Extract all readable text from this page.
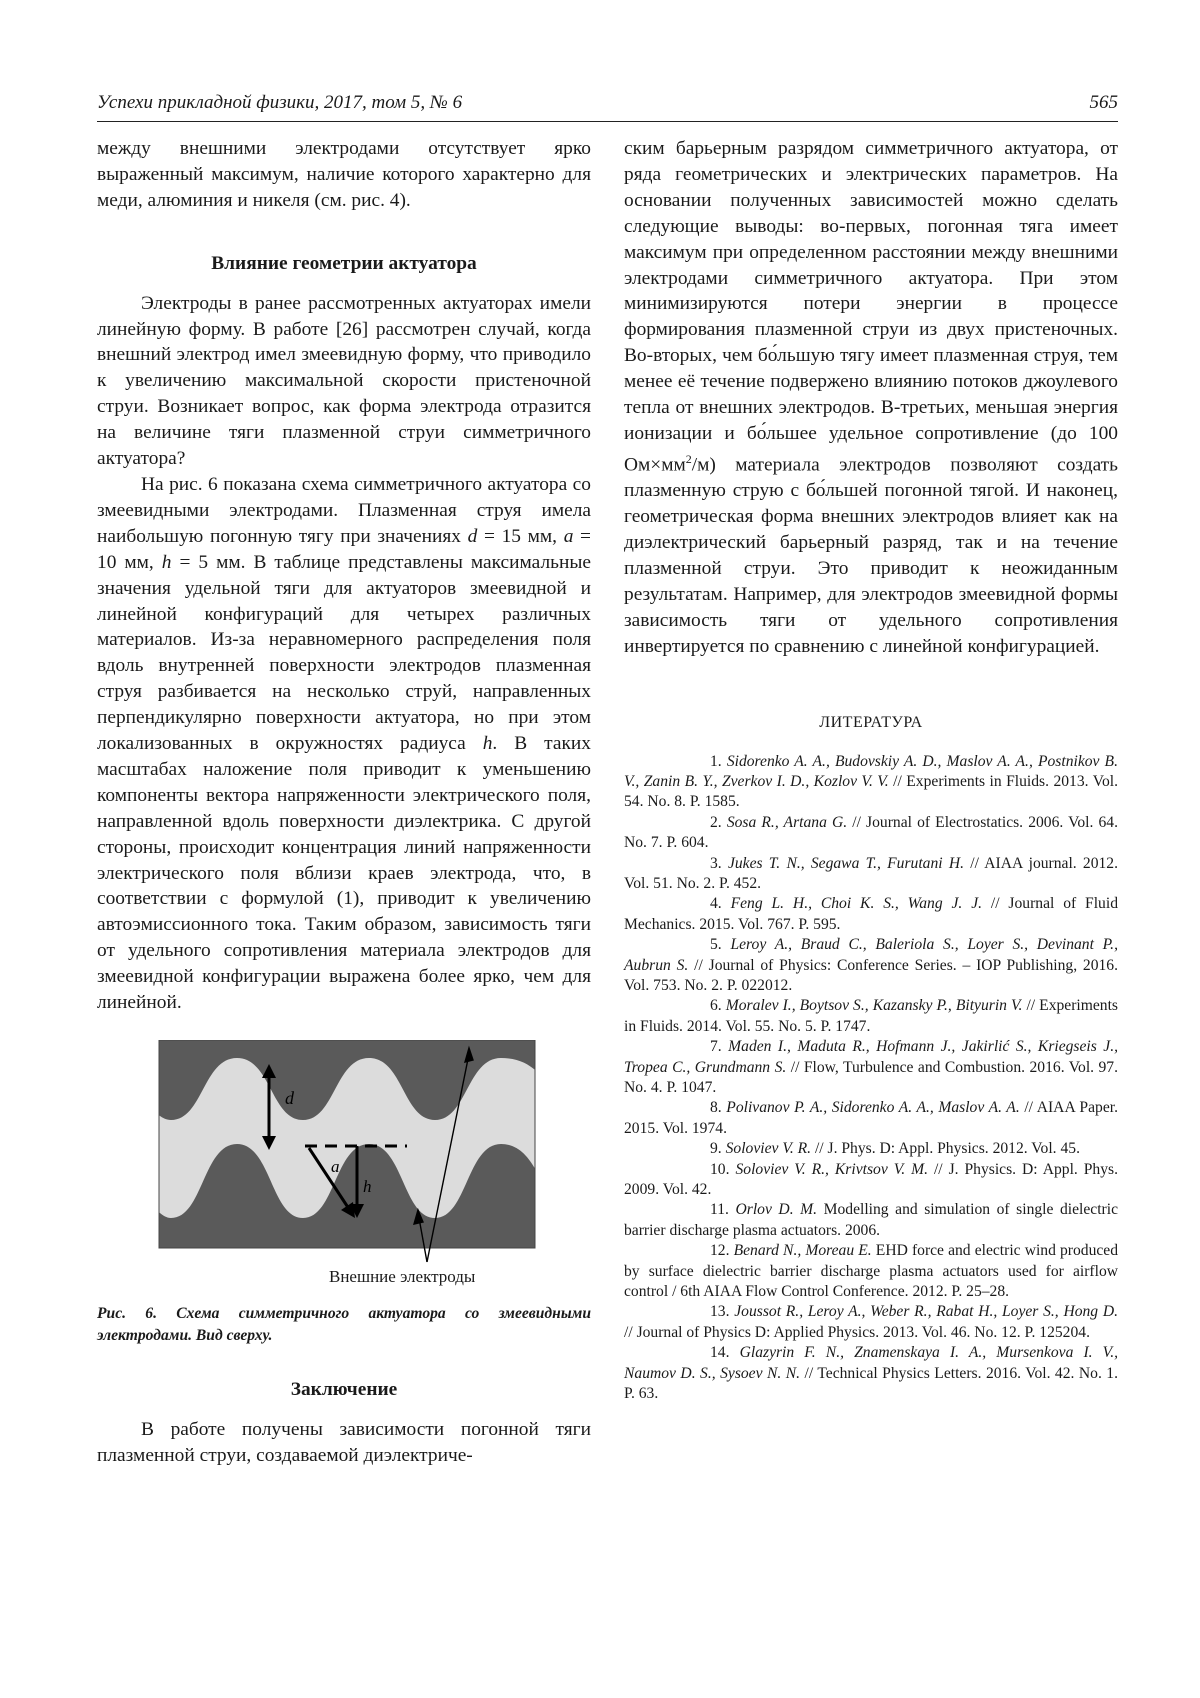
Успехи прикладной физики, 2017, том 5, № 6	565

между внешними электродами отсутствует ярко выраженный максимум, наличие которого характерно для меди, алюминия и никеля (см. рис. 4).

Влияние геометрии актуатора

Электроды в ранее рассмотренных актуаторах имели линейную форму. В работе [26] рассмотрен случай, когда внешний электрод имел змеевидную форму, что приводило к увеличению максимальной скорости пристеночной струи. Возникает вопрос, как форма электрода отразится на величине тяги плазменной струи симметричного актуатора?

На рис. 6 показана схема симметричного актуатора со змеевидными электродами. Плазменная струя имела наибольшую погонную тягу при значениях d = 15 мм, a = 10 мм, h = 5 мм. В таблице представлены максимальные значения удельной тяги для актуаторов змеевидной и линейной конфигураций для четырех различных материалов. Из-за неравномерного распределения поля вдоль внутренней поверхности электродов плазменная струя разбивается на несколько струй, направленных перпендикулярно поверхности актуатора, но при этом локализованных в окружностях радиуса h. В таких масштабах наложение поля приводит к уменьшению компоненты вектора напряженности электрического поля, направленной вдоль поверхности диэлектрика. С другой стороны, происходит концентрация линий напряженности электрического поля вблизи краев электрода, что, в соответствии с формулой (1), приводит к увеличению автоэмиссионного тока. Таким образом, зависимость тяги от удельного сопротивления материала электродов для змеевидной конфигурации выражена более ярко, чем для линейной.

d
a
h
Внешние электроды

Рис. 6. Схема симметричного актуатора со змеевидными электродами. Вид сверху.

Заключение

В работе получены зависимости погонной тяги плазменной струи, создаваемой диэлектриче-

ским барьерным разрядом симметричного актуатора, от ряда геометрических и электрических параметров. На основании полученных зависимостей можно сделать следующие выводы: во-первых, погонная тяга имеет максимум при определенном расстоянии между внешними электродами симметричного актуатора. При этом минимизируются потери энергии в процессе формирования плазменной струи из двух пристеночных. Во-вторых, чем бо́льшую тягу имеет плазменная струя, тем менее её течение подвержено влиянию потоков джоулевого тепла от внешних электродов. В-третьих, меньшая энергия ионизации и бо́льшее удельное сопротивление (до 100 $Ом\times мм^2/м$) материала электродов позволяют создать плазменную струю с бо́льшей погонной тягой. И наконец, геометрическая форма внешних электродов влияет как на диэлектрический барьерный разряд, так и на течение плазменной струи. Это приводит к неожиданным результатам. Например, для электродов змеевидной формы зависимость тяги от удельного сопротивления инвертируется по сравнению с линейной конфигурацией.

ЛИТЕРАТУРА

1. Sidorenko A. A., Budovskiy A. D., Maslov A. A., Postnikov B. V., Zanin B. Y., Zverkov I. D., Kozlov V. V. // Experiments in Fluids. 2013. Vol. 54. No. 8. P. 1585.

2. Sosa R., Artana G. // Journal of Electrostatics. 2006. Vol. 64. No. 7. P. 604.

3. Jukes T. N., Segawa T., Furutani H. // AIAA journal. 2012. Vol. 51. No. 2. P. 452.

4. Feng L. H., Choi K. S., Wang J. J. // Journal of Fluid Mechanics. 2015. Vol. 767. P. 595.

5. Leroy A., Braud C., Baleriola S., Loyer S., Devinant P., Aubrun S. // Journal of Physics: Conference Series. – IOP Publishing, 2016. Vol. 753. No. 2. P. 022012.

6. Moralev I., Boytsov S., Kazansky P., Bityurin V. // Experiments in Fluids. 2014. Vol. 55. No. 5. P. 1747.

7. Maden I., Maduta R., Hofmann J., Jakirlić S., Kriegseis J., Tropea C., Grundmann S. // Flow, Turbulence and Combustion. 2016. Vol. 97. No. 4. P. 1047.

8. Polivanov P. A., Sidorenko A. A., Maslov A. A. // AIAA Paper. 2015. Vol. 1974.

9. Soloviev V. R. // J. Phys. D: Appl. Physics. 2012. Vol. 45.

10. Soloviev V. R., Krivtsov V. M. // J. Physics. D: Appl. Phys. 2009. Vol. 42.

11. Orlov D. M. Modelling and simulation of single dielectric barrier discharge plasma actuators. 2006.

12. Benard N., Moreau E. EHD force and electric wind produced by surface dielectric barrier discharge plasma actuators used for airflow control / 6th AIAA Flow Control Conference. 2012. P. 25–28.

13. Joussot R., Leroy A., Weber R., Rabat H., Loyer S., Hong D. // Journal of Physics D: Applied Physics. 2013. Vol. 46. No. 12. P. 125204.

14. Glazyrin F. N., Znamenskaya I. A., Mursenkova I. V., Naumov D. S., Sysoev N. N. // Technical Physics Letters. 2016. Vol. 42. No. 1. P. 63.
